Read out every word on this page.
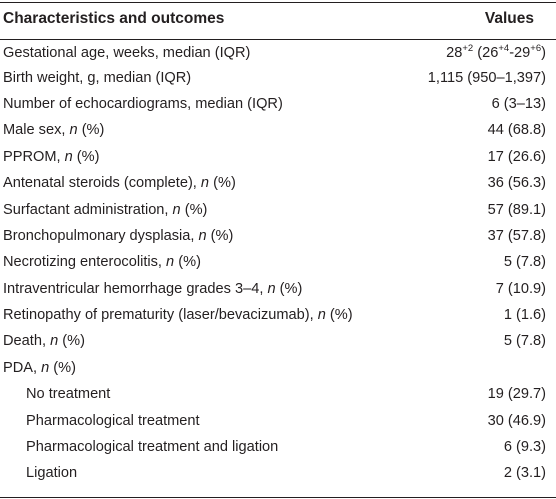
Characteristics and outcomes	Values
Gestational age, weeks, median (IQR)	$28^{+2}$ $(26^{+4}-29^{+6})$
Birth weight, g, median (IQR)	1,115 (950–1,397)
Number of echocardiograms, median (IQR)	6 (3–13)
Male sex, n (%)	44 (68.8)
PPROM, n (%)	17 (26.6)
Antenatal steroids (complete), n (%)	36 (56.3)
Surfactant administration, n (%)	57 (89.1)
Bronchopulmonary dysplasia, n (%)	37 (57.8)
Necrotizing enterocolitis, n (%)	5 (7.8)
Intraventricular hemorrhage grades 3–4, n (%)	7 (10.9)
Retinopathy of prematurity (laser/bevacizumab), n (%)	1 (1.6)
Death, n (%)	5 (7.8)
PDA, n (%)	
No treatment	19 (29.7)
Pharmacological treatment	30 (46.9)
Pharmacological treatment and ligation	6 (9.3)
Ligation	2 (3.1)
